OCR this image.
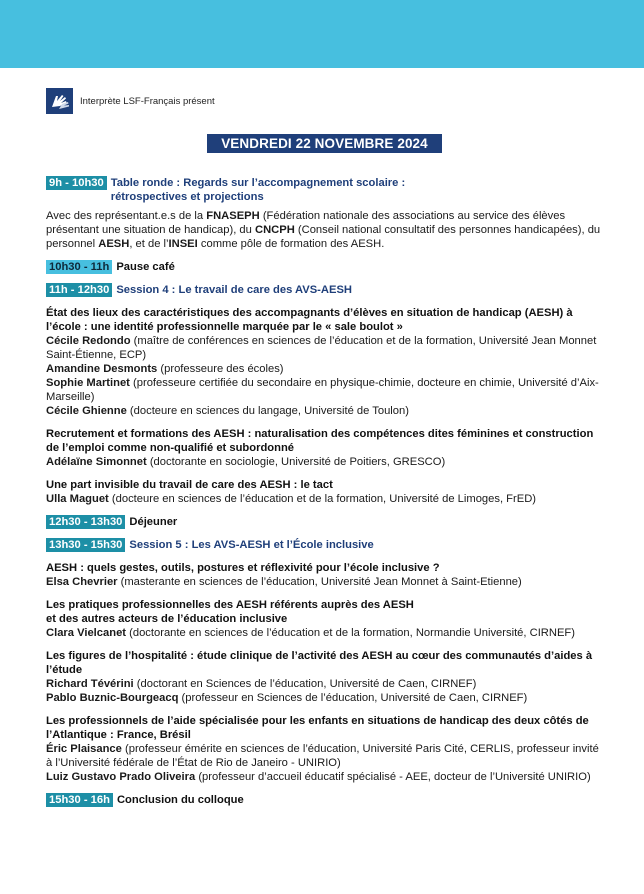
Interprète LSF-Français présent
VENDREDI 22 NOVEMBRE 2024
9h - 10h30 Table ronde : Regards sur l’accompagnement scolaire :
rétrospectives et projections

Avec des représentant.e.s de la FNASEPH (Fédération nationale des associations au service des élèves présentant une situation de handicap), du CNCPH (Conseil national consultatif des personnes handicapées), du personnel AESH, et de l’INSEI comme pôle de formation des AESH.

10h30 - 11h Pause café
11h - 12h30 Session 4 : Le travail de care des AVS-AESH

État des lieux des caractéristiques des accompagnants d’élèves en situation de handicap (AESH) à l’école : une identité professionnelle marquée par le « sale boulot »

Cécile Redondo (maître de conférences en sciences de l’éducation et de la formation, Université Jean Monnet Saint-Étienne, ECP)

Amandine Desmonts (professeure des écoles)

Sophie Martinet (professeure certifiée du secondaire en physique-chimie, docteure en chimie, Université d’Aix-Marseille)

Cécile Ghienne (docteure en sciences du langage, Université de Toulon)

Recrutement et formations des AESH : naturalisation des compétences dites féminines et construction de l’emploi comme non-qualifié et subordonné

Adélaïne Simonnet (doctorante en sociologie, Université de Poitiers, GRESCO)

Une part invisible du travail de care des AESH : le tact

Ulla Maguet (docteure en sciences de l’éducation et de la formation, Université de Limoges, FrED)

12h30 - 13h30 Déjeuner
13h30 - 15h30 Session 5 : Les AVS-AESH et l’École inclusive

AESH : quels gestes, outils, postures et réflexivité pour l’école inclusive ?

Elsa Chevrier (masterante en sciences de l’éducation, Université Jean Monnet à Saint-Etienne)

Les pratiques professionnelles des AESH référents auprès des AESH
et des autres acteurs de l’éducation inclusive

Clara Vielcanet (doctorante en sciences de l’éducation et de la formation, Normandie Université, CIRNEF)

Les figures de l’hospitalité : étude clinique de l’activité des AESH au cœur des communautés d’aides à l’étude

Richard Tévérini (doctorant en Sciences de l’éducation, Université de Caen, CIRNEF)

Pablo Buznic-Bourgeacq (professeur en Sciences de l’éducation, Université de Caen, CIRNEF)

Les professionnels de l’aide spécialisée pour les enfants en situations de handicap des deux côtés de l’Atlantique : France, Brésil

Éric Plaisance (professeur émérite en sciences de l’éducation, Université Paris Cité, CERLIS, professeur invité à l’Université fédérale de l’État de Rio de Janeiro - UNIRIO)

Luiz Gustavo Prado Oliveira (professeur d’accueil éducatif spécialisé - AEE, docteur de l’Université UNIRIO)

15h30 - 16h Conclusion du colloque
